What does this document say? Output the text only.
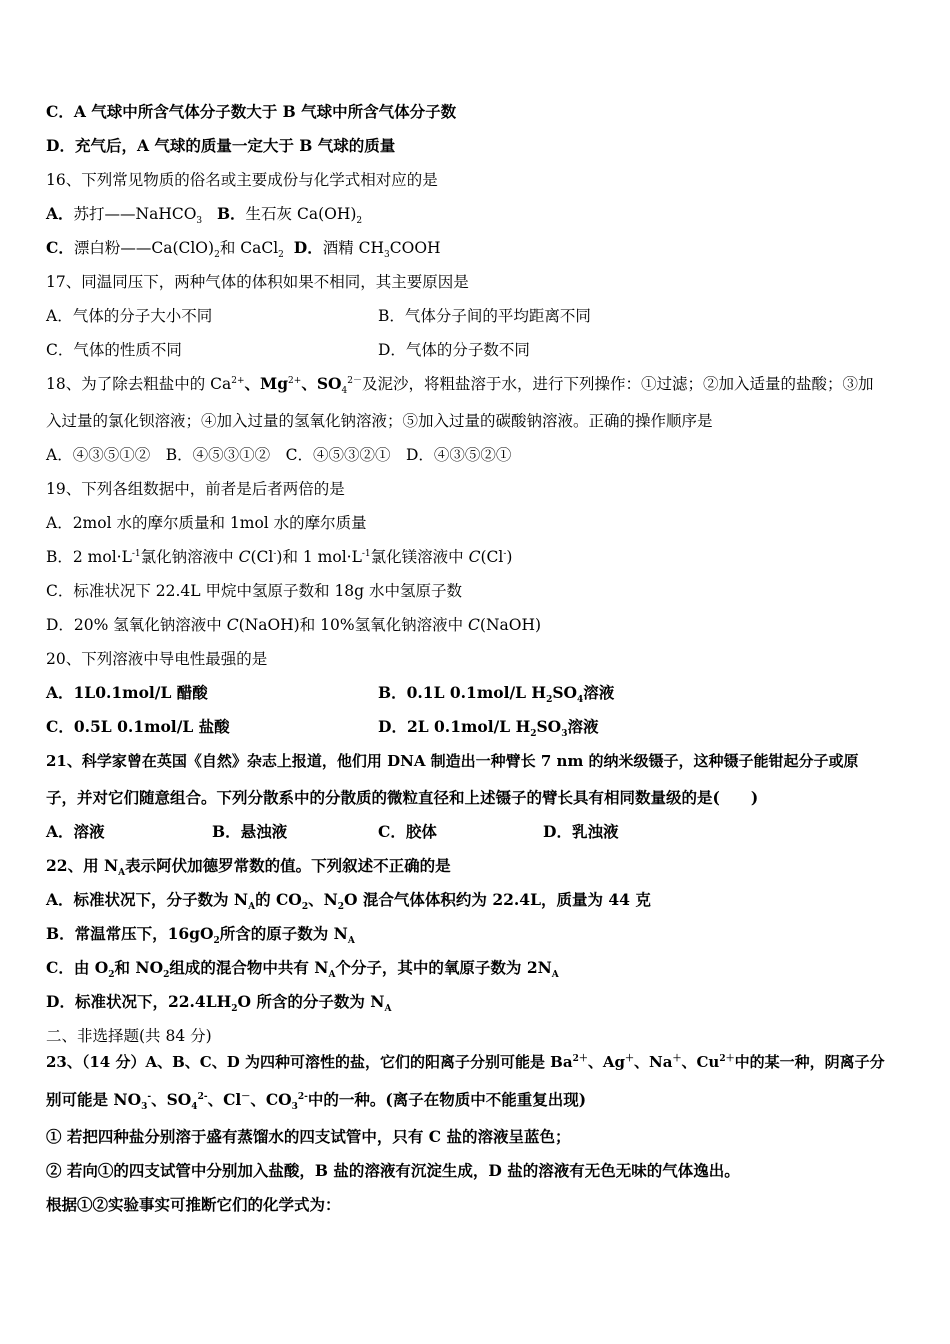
C．A 气球中所含气体分子数大于 B 气球中所含气体分子数
D．充气后，A 气球的质量一定大于 B 气球的质量
16、下列常见物质的俗名或主要成份与化学式相对应的是
A．苏打——NaHCO$_3$ B．生石灰 $Ca(OH)_2$
C．漂白粉$——Ca(ClO)_2$和 CaCl$_2$ D．酒精 $CH_3COOH$
17、同温同压下，两种气体的体积如果不相同，其主要原因是
A．气体的分子大小不同	B．气体分子间的平均距离不同
C．气体的性质不同	D．气体的分子数不同
18、为了除去粗盐中的 $Ca^{2+}$、$Mg^{2+}$、$SO_4^{2-}$及泥沙，将粗盐溶于水，进行下列操作：①过滤；②加入适量的盐酸；③加
入过量的氯化钡溶液；④加入过量的氢氧化钠溶液；⑤加入过量的碳酸钠溶液。正确的操作顺序是
A．④③⑤①②　B．④⑤③①②　C．④⑤③②①　D．④③⑤②①
19、下列各组数据中，前者是后者两倍的是
A．2mol 水的摩尔质量和 1mol 水的摩尔质量
B．2 $mol\cdot L^{-1}$氯化钠溶液中 C(Cl-)和 1 $mol\cdot L^{-1}$氯化镁溶液中 C(Cl-)
C．标准状况下 22.4L 甲烷中氢原子数和 18g 水中氢原子数
D．20% 氢氧化钠溶液中 C(NaOH)和 10%氢氧化钠溶液中 C(NaOH)
20、下列溶液中导电性最强的是
A．1L0.1mol/L 醋酸	B．0.1L 0.1mol/L $H_2SO_4$溶液
C．0.5L 0.1mol/L 盐酸	D．2L 0.1mol/L $H_2SO_3$溶液
21、科学家曾在英国《自然》杂志上报道，他们用 DNA 制造出一种臂长 7 nm 的纳米级镊子，这种镊子能钳起分子或原
子，并对它们随意组合。下列分散系中的分散质的微粒直径和上述镊子的臂长具有相同数量级的是(　　)
A．溶液	B．悬浊液	C．胶体	D．乳浊液
22、用 $N_A$表示阿伏加德罗常数的值。下列叙述不正确的是
A．标准状况下，分子数为 $N_A$的 $CO_2$、$N_2O$ 混合气体体积约为 22.4L，质量为 44 克
B．常温常压下，$16gO_2$所含的原子数为 $N_A$
C．由 $O_2$和 $NO_2$组成的混合物中共有 $N_A$个分子，其中的氧原子数为 $2N_A$
D．标准状况下，$22.4LH_2O$ 所含的分子数为 $N_A$
二、非选择题(共 84 分)
23、（14 分）A、B、C、D 为四种可溶性的盐，它们的阳离子分别可能是 $Ba^{2+}$、Ag＋、Na＋、$Cu^{2+}$中的某一种，阴离子分
别可能是 $NO_3^-$、$SO_4^{2-}$、Cl－、$CO_3^{2-}$中的一种。(离子在物质中不能重复出现)
① 若把四种盐分别溶于盛有蒸馏水的四支试管中，只有 C 盐的溶液呈蓝色；
② 若向①的四支试管中分别加入盐酸，B 盐的溶液有沉淀生成，D 盐的溶液有无色无味的气体逸出。
根据①②实验事实可推断它们的化学式为：
